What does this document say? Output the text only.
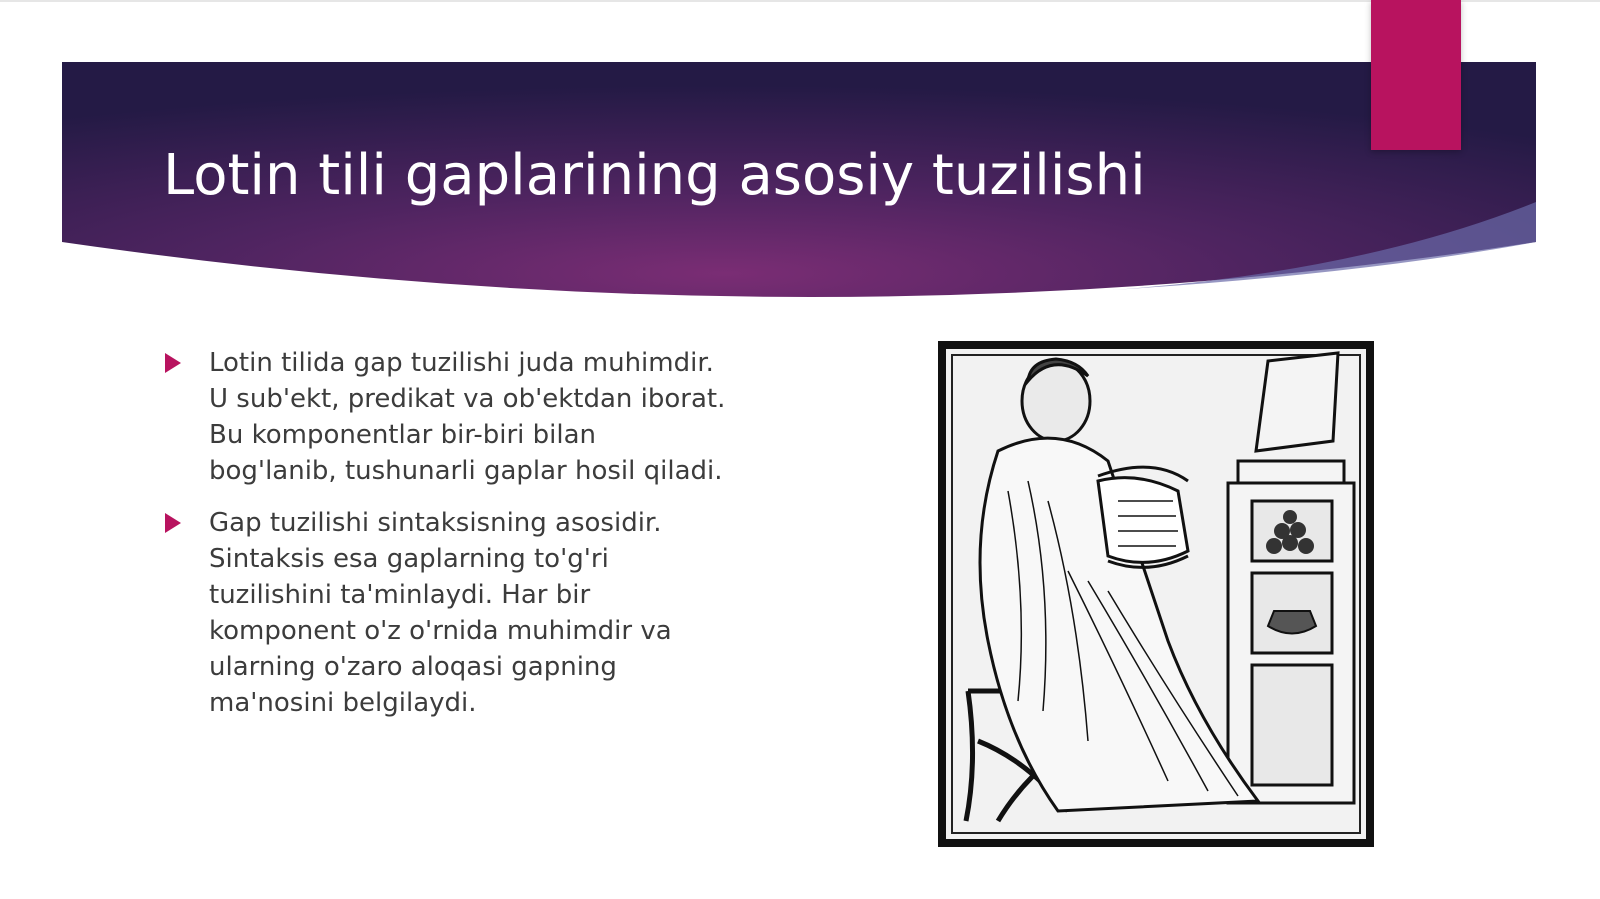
Lotin tili gaplarining asosiy tuzilishi
Lotin tilida gap tuzilishi juda muhimdir.
U sub'ekt, predikat va ob'ektdan iborat.
Bu komponentlar bir-biri bilan
bog'lanib, tushunarli gaplar hosil qiladi.
Gap tuzilishi sintaksisning asosidir.
Sintaksis esa gaplarning to'g'ri
tuzilishini ta'minlaydi. Har bir
komponent o'z o'rnida muhimdir va
ularning o'zaro aloqasi gapning
ma'nosini belgilaydi.
